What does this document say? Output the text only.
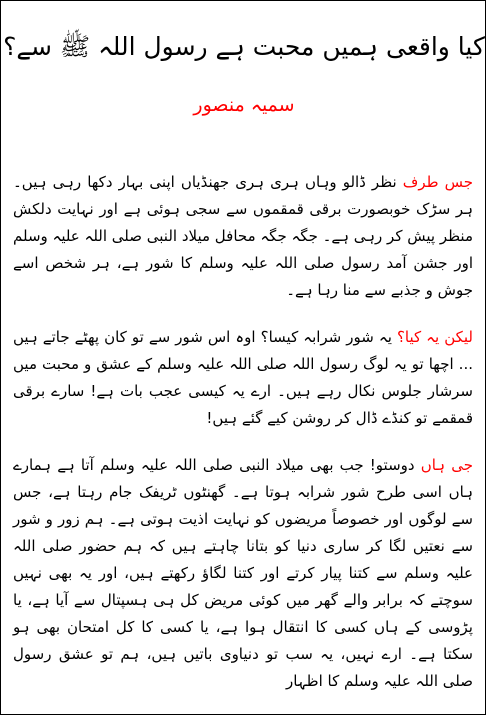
کیا واقعی ہمیں محبت ہے رسول اللہ ﷺ سے؟
سمیہ منصور

جس طرف نظر ڈالو وہاں ہری ہری جھنڈیاں اپنی بہار دکھا رہی ہیں۔ ہر سڑک خوبصورت برقی قمقموں سے سجی ہوئی ہے اور نہایت دلکش منظر پیش کر رہی ہے۔ جگہ جگہ محافل میلاد النبی صلی اللہ علیہ وسلم اور جشن آمد رسول صلی اللہ علیہ وسلم کا شور ہے، ہر شخص اسے جوش و جذبے سے منا رہا ہے۔

لیکن یہ کیا؟ یہ شور شرابہ کیسا؟ اوہ اس شور سے تو کان پھٹے جاتے ہیں ... اچھا تو یہ لوگ رسول اللہ صلی اللہ علیہ وسلم کے عشق و محبت میں سرشار جلوس نکال رہے ہیں۔ ارے یہ کیسی عجب بات ہے! سارے برقی قمقمے تو کنڈے ڈال کر روشن کیے گئے ہیں!

جی ہاں دوستو! جب بھی میلاد النبی صلی اللہ علیہ وسلم آتا ہے ہمارے ہاں اسی طرح شور شرابہ ہوتا ہے۔ گھنٹوں ٹریفک جام رہتا ہے، جس سے لوگوں اور خصوصاً مریضوں کو نہایت اذیت ہوتی ہے۔ ہم زور و شور سے نعتیں لگا کر ساری دنیا کو بتانا چاہتے ہیں کہ ہم حضور صلی اللہ علیہ وسلم سے کتنا پیار کرتے اور کتنا لگاؤ رکھتے ہیں، اور یہ بھی نہیں سوچتے کہ برابر والے گھر میں کوئی مریض کل ہی ہسپتال سے آیا ہے، یا پڑوسی کے ہاں کسی کا انتقال ہوا ہے، یا کسی کا کل امتحان بھی ہو سکتا ہے۔ ارے نہیں، یہ سب تو دنیاوی باتیں ہیں، ہم تو عشق رسول صلی اللہ علیہ وسلم کا اظہار
